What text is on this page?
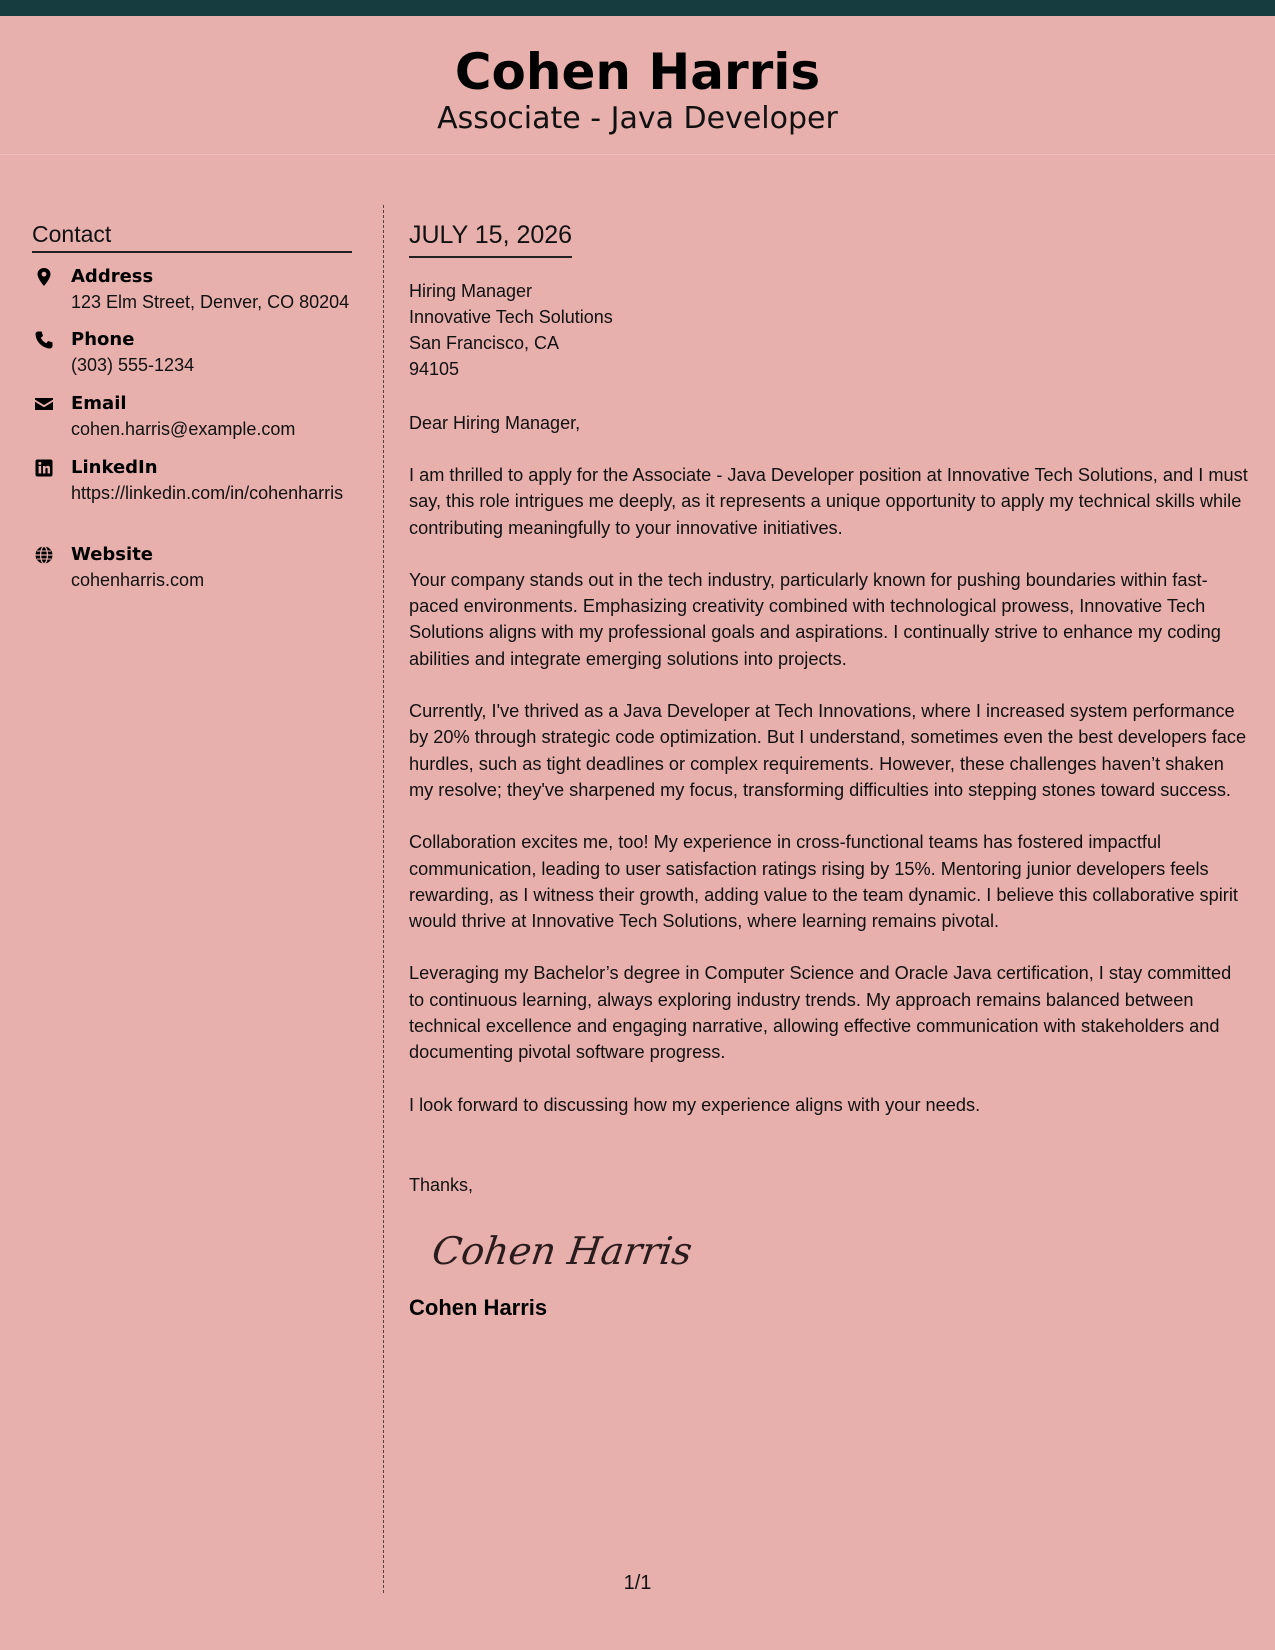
Cohen Harris
Associate - Java Developer
Contact
Address
123 Elm Street, Denver, CO 80204
Phone
(303) 555-1234
Email
cohen.harris@example.com
LinkedIn
https://linkedin.com/in/cohenharris
Website
cohenharris.com
JULY 15, 2026
Hiring Manager
Innovative Tech Solutions
San Francisco, CA
94105
Dear Hiring Manager,
I am thrilled to apply for the Associate - Java Developer position at Innovative Tech Solutions, and I must say, this role intrigues me deeply, as it represents a unique opportunity to apply my technical skills while contributing meaningfully to your innovative initiatives.
Your company stands out in the tech industry, particularly known for pushing boundaries within fast-paced environments. Emphasizing creativity combined with technological prowess, Innovative Tech Solutions aligns with my professional goals and aspirations. I continually strive to enhance my coding abilities and integrate emerging solutions into projects.
Currently, I've thrived as a Java Developer at Tech Innovations, where I increased system performance by 20% through strategic code optimization. But I understand, sometimes even the best developers face hurdles, such as tight deadlines or complex requirements. However, these challenges haven’t shaken my resolve; they've sharpened my focus, transforming difficulties into stepping stones toward success.
Collaboration excites me, too! My experience in cross-functional teams has fostered impactful communication, leading to user satisfaction ratings rising by 15%. Mentoring junior developers feels rewarding, as I witness their growth, adding value to the team dynamic. I believe this collaborative spirit would thrive at Innovative Tech Solutions, where learning remains pivotal.
Leveraging my Bachelor’s degree in Computer Science and Oracle Java certification, I stay committed to continuous learning, always exploring industry trends. My approach remains balanced between technical excellence and engaging narrative, allowing effective communication with stakeholders and documenting pivotal software progress.
I look forward to discussing how my experience aligns with your needs.
Thanks,
Cohen Harris
Cohen Harris
1/1
